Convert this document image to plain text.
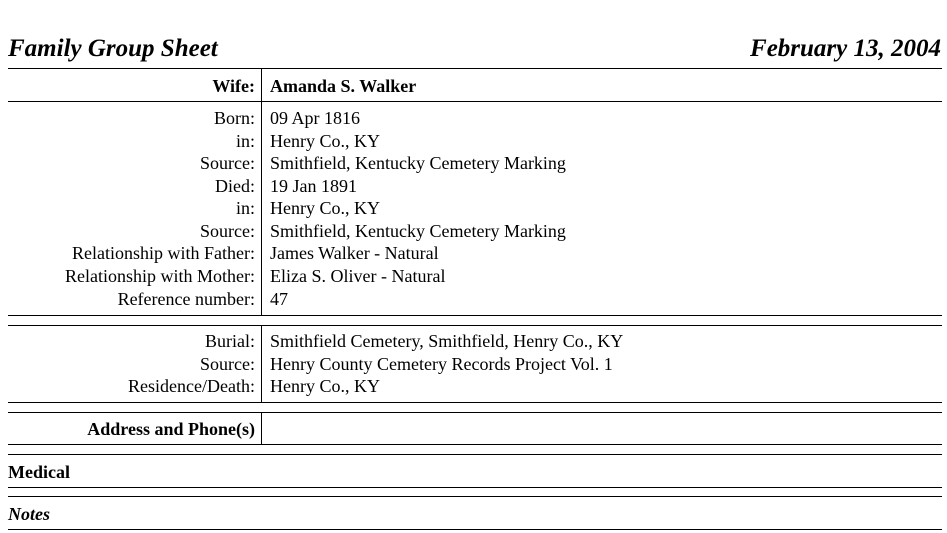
Family Group Sheet	February 13, 2004
Wife: Amanda S. Walker
Born: 09 Apr 1816
in: Henry Co., KY
Source: Smithfield, Kentucky Cemetery Marking
Died: 19 Jan 1891
in: Henry Co., KY
Source: Smithfield, Kentucky Cemetery Marking
Relationship with Father: James Walker - Natural
Relationship with Mother: Eliza S. Oliver - Natural
Reference number: 47
Burial: Smithfield Cemetery, Smithfield, Henry Co., KY
Source: Henry County Cemetery Records Project Vol. 1
Residence/Death: Henry Co., KY
Address and Phone(s)
Medical
Notes
